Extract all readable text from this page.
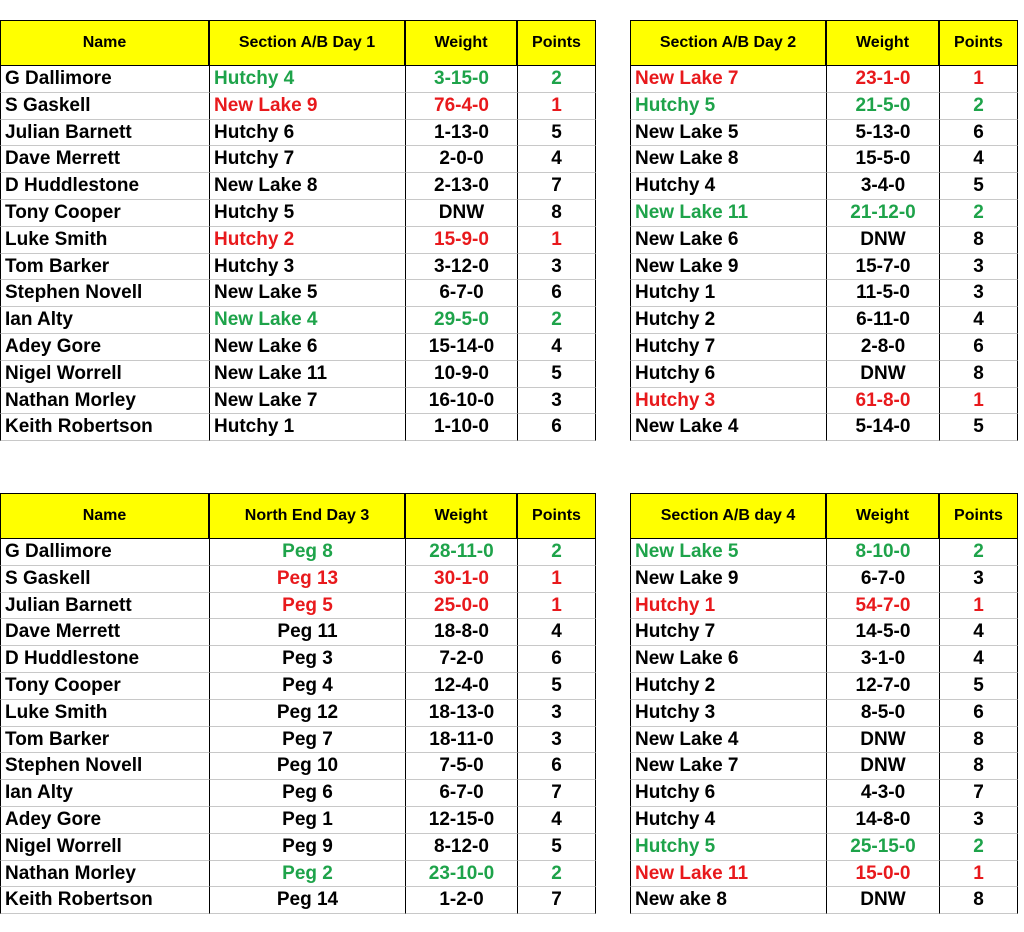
Name	Section A/B Day 1	Weight	Points	Section A/B Day 2	Weight	Points
G Dallimore	Hutchy 4	3-15-0	2	New Lake 7	23-1-0	1
S Gaskell	New Lake 9	76-4-0	1	Hutchy 5	21-5-0	2
Julian Barnett	Hutchy 6	1-13-0	5	New Lake 5	5-13-0	6
Dave Merrett	Hutchy 7	2-0-0	4	New Lake 8	15-5-0	4
D Huddlestone	New Lake 8	2-13-0	7	Hutchy 4	3-4-0	5
Tony Cooper	Hutchy 5	DNW	8	New Lake 11	21-12-0	2
Luke Smith	Hutchy 2	15-9-0	1	New Lake 6	DNW	8
Tom Barker	Hutchy 3	3-12-0	3	New Lake 9	15-7-0	3
Stephen Novell	New Lake 5	6-7-0	6	Hutchy 1	11-5-0	3
Ian Alty	New Lake 4	29-5-0	2	Hutchy 2	6-11-0	4
Adey Gore	New Lake 6	15-14-0	4	Hutchy 7	2-8-0	6
Nigel Worrell	New Lake 11	10-9-0	5	Hutchy 6	DNW	8
Nathan Morley	New Lake 7	16-10-0	3	Hutchy 3	61-8-0	1
Keith Robertson	Hutchy 1	1-10-0	6	New Lake 4	5-14-0	5
Name	North End Day 3	Weight	Points	Section A/B day 4	Weight	Points
G Dallimore	Peg 8	28-11-0	2	New Lake 5	8-10-0	2
S Gaskell	Peg 13	30-1-0	1	New Lake 9	6-7-0	3
Julian Barnett	Peg 5	25-0-0	1	Hutchy 1	54-7-0	1
Dave Merrett	Peg 11	18-8-0	4	Hutchy 7	14-5-0	4
D Huddlestone	Peg 3	7-2-0	6	New Lake 6	3-1-0	4
Tony Cooper	Peg 4	12-4-0	5	Hutchy 2	12-7-0	5
Luke Smith	Peg 12	18-13-0	3	Hutchy 3	8-5-0	6
Tom Barker	Peg 7	18-11-0	3	New Lake 4	DNW	8
Stephen Novell	Peg 10	7-5-0	6	New Lake 7	DNW	8
Ian Alty	Peg 6	6-7-0	7	Hutchy 6	4-3-0	7
Adey Gore	Peg 1	12-15-0	4	Hutchy 4	14-8-0	3
Nigel Worrell	Peg 9	8-12-0	5	Hutchy 5	25-15-0	2
Nathan Morley	Peg 2	23-10-0	2	New Lake 11	15-0-0	1
Keith Robertson	Peg 14	1-2-0	7	New ake 8	DNW	8
